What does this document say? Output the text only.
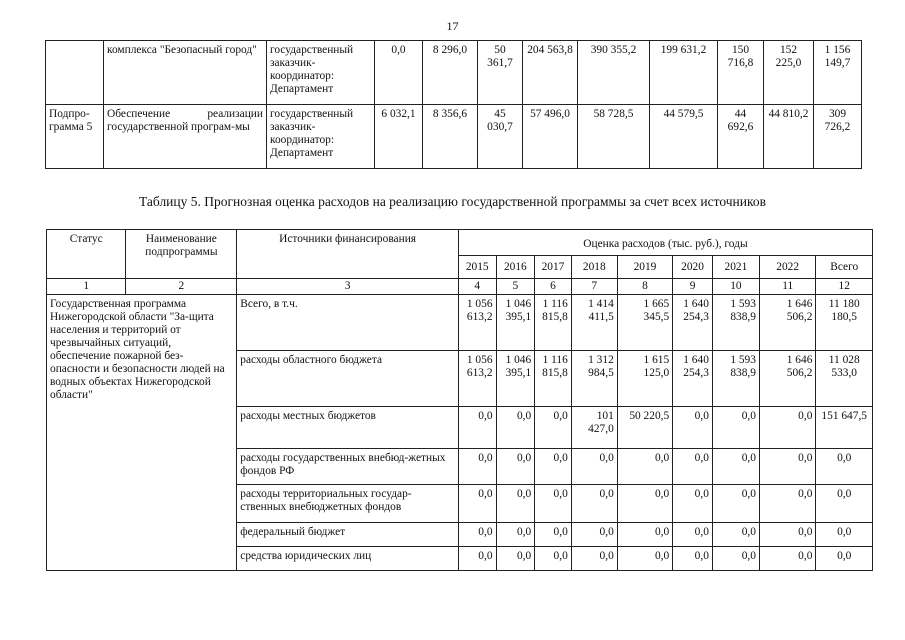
17
	комплекса "Безопасный город"	государственный заказчик-координатор: Департамент	0,0	8 296,0	50 361,7	204 563,8	390 355,2	199 631,2	150 716,8	152 225,0	1 156 149,7
Подпро-грамма 5	Обеспечение реализации государственной програм-мы	государственный заказчик-координатор: Департамент	6 032,1	8 356,6	45 030,7	57 496,0	58 728,5	44 579,5	44 692,6	44 810,2	309 726,2
Таблицу 5. Прогнозная оценка расходов на реализацию государственной программы за счет всех источников
Статус	Наименование подпрограммы	Источники финансирования	Оценка расходов (тыс. руб.), годы								
			2015	2016	2017	2018	2019	2020	2021	2022	Всего
1	2	3	4	5	6	7	8	9	10	11	12
Государственная программа Нижегородской области "За-щита населения и территорий от чрезвычайных ситуаций, обеспечение пожарной без-опасности и безопасности людей на водных объектах Нижегородской области"		Всего, в т.ч.	1 056 613,2	1 046 395,1	1 116 815,8	1 414 411,5	1 665 345,5	1 640 254,3	1 593 838,9	1 646 506,2	11 180 180,5
		расходы областного бюджета	1 056 613,2	1 046 395,1	1 116 815,8	1 312 984,5	1 615 125,0	1 640 254,3	1 593 838,9	1 646 506,2	11 028 533,0
		расходы местных бюджетов	0,0	0,0	0,0	101 427,0	50 220,5	0,0	0,0	0,0	151 647,5
		расходы государственных внебюд-жетных фондов РФ	0,0	0,0	0,0	0,0	0,0	0,0	0,0	0,0	0,0
		расходы территориальных государ-ственных внебюджетных фондов	0,0	0,0	0,0	0,0	0,0	0,0	0,0	0,0	0,0
		федеральный бюджет	0,0	0,0	0,0	0,0	0,0	0,0	0,0	0,0	0,0
		средства юридических лиц	0,0	0,0	0,0	0,0	0,0	0,0	0,0	0,0	0,0
